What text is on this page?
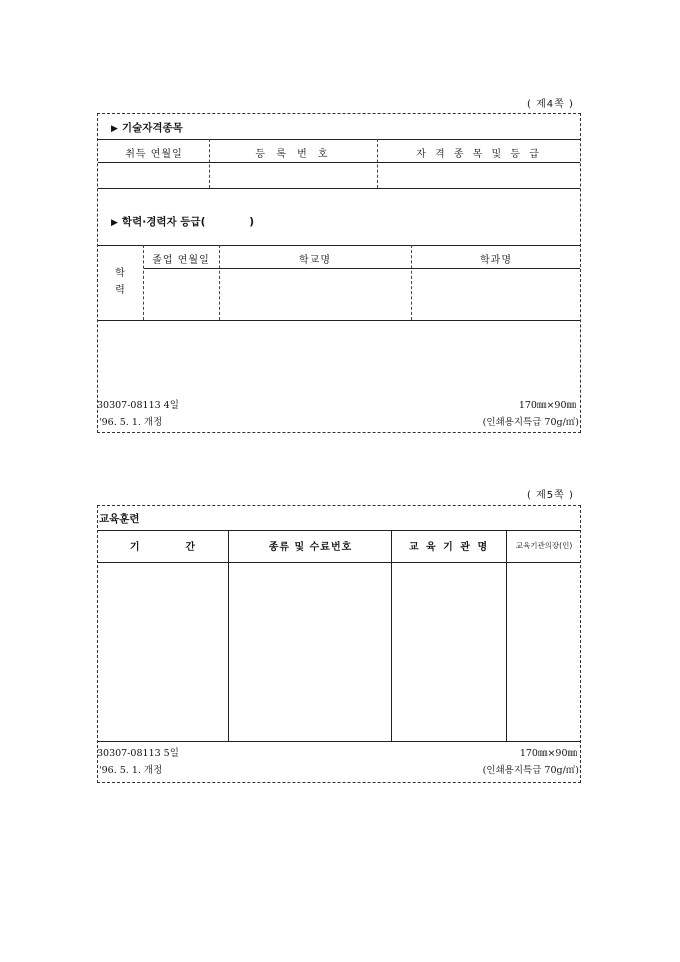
( 제4쪽 )
▶ 기술자격종목
취득 연월일	등 록 번 호	자 격 종 목 및 등 급
▶ 학력·경력자 등급(            )
학
력
졸업 연월일	학교명	학과명
30307-08113 4일
'96. 5. 1. 개정
170㎜×90㎜
(인쇄용지특급 70g/㎡)
( 제5쪽 )
교육훈련
기        간	종류 및 수료번호	교 육 기 관 명	교육기관의장(인)
30307-08113 5일
'96. 5. 1. 개정
170㎜×90㎜
(인쇄용지특급 70g/㎡)
